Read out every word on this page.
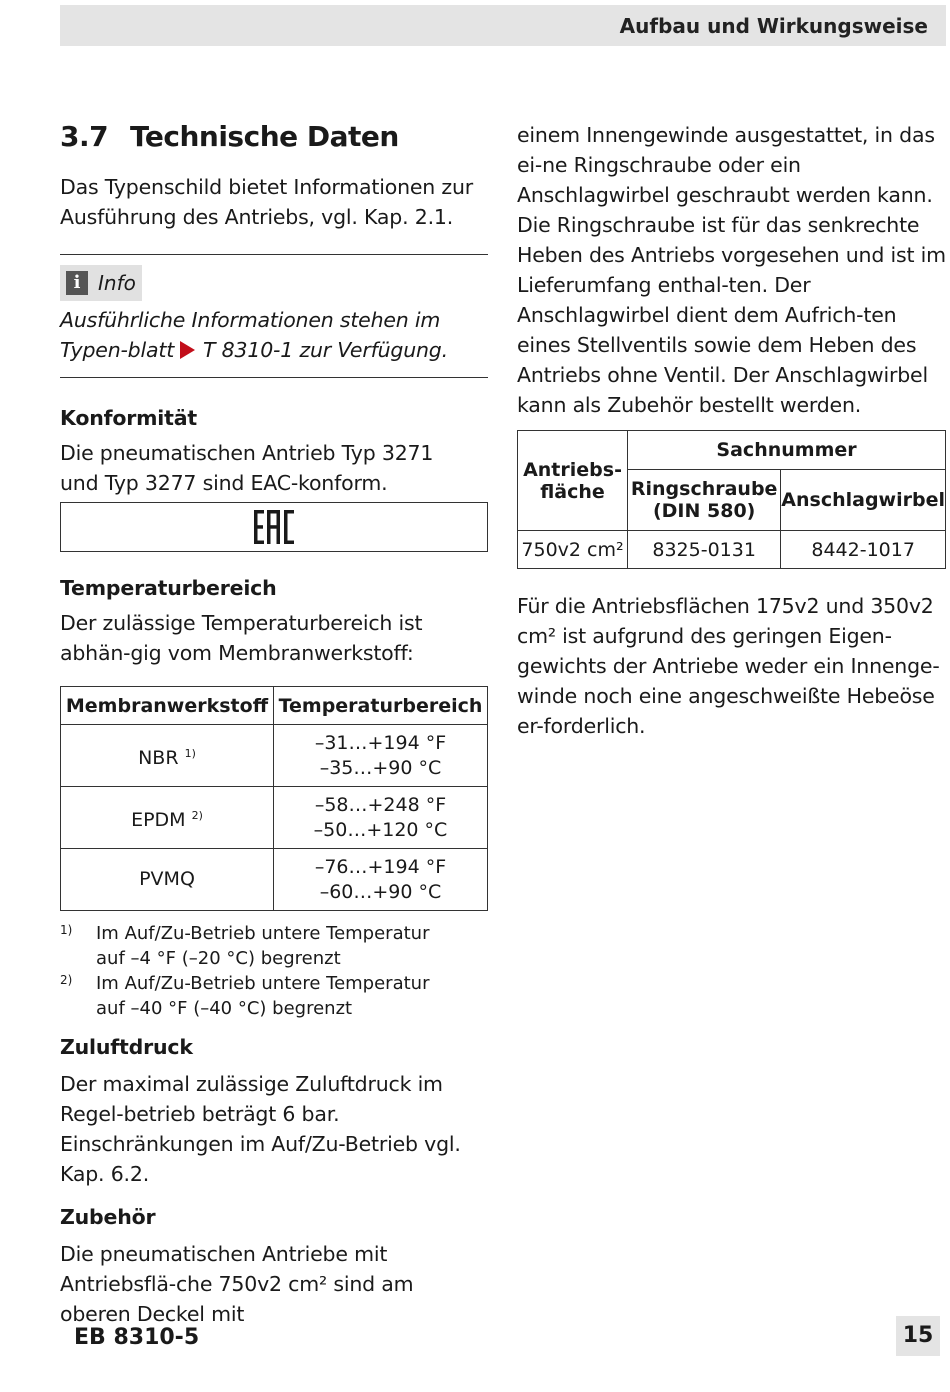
Aufbau und Wirkungsweise
3.7 Technische Daten

Das Typenschild bietet Informationen zur Ausführung des Antriebs, vgl. Kap. 2.1.

i Info

Ausführliche Informationen stehen im Typen-blatt T 8310-1 zur Verfügung.

Konformität

Die pneumatischen Antrieb Typ 3271 und Typ 3277 sind EAC-konform.

Temperaturbereich

Der zulässige Temperaturbereich ist abhän-gig vom Membranwerkstoff:

Membranwerkstoff	Temperaturbereich
NBR $^{1)}$	–31…+194 °F
–35…+90 °C
EPDM $^{2)}$	–58…+248 °F
–50…+120 °C
PVMQ	–76…+194 °F
–60…+90 °C
1)	Im Auf/Zu-Betrieb untere Temperatur auf –4 °F (–20 °C) begrenzt
2)	Im Auf/Zu-Betrieb untere Temperatur auf –40 °F (–40 °C) begrenzt
Zuluftdruck

Der maximal zulässige Zuluftdruck im Regel-betrieb beträgt 6 bar. Einschränkungen im Auf/Zu-Betrieb vgl. Kap. 6.2.

Zubehör

Die pneumatischen Antriebe mit Antriebsflä-che 750v2 cm² sind am oberen Deckel mit

einem Innengewinde ausgestattet, in das ei-ne Ringschraube oder ein Anschlagwirbel geschraubt werden kann. Die Ringschraube ist für das senkrechte Heben des Antriebs vorgesehen und ist im Lieferumfang enthal-ten. Der Anschlagwirbel dient dem Aufrich-ten eines Stellventils sowie dem Heben des Antriebs ohne Ventil. Der Anschlagwirbel kann als Zubehör bestellt werden.

Antriebs-fläche	Sachnummer	
	Ringschraube (DIN 580)	Anschlagwirbel
750v2 cm²	8325-0131	8442-1017

Für die Antriebsflächen 175v2 und 350v2 cm² ist aufgrund des geringen Eigen-gewichts der Antriebe weder ein Innenge-winde noch eine angeschweißte Hebeöse er-forderlich.

EB 8310-5	15
